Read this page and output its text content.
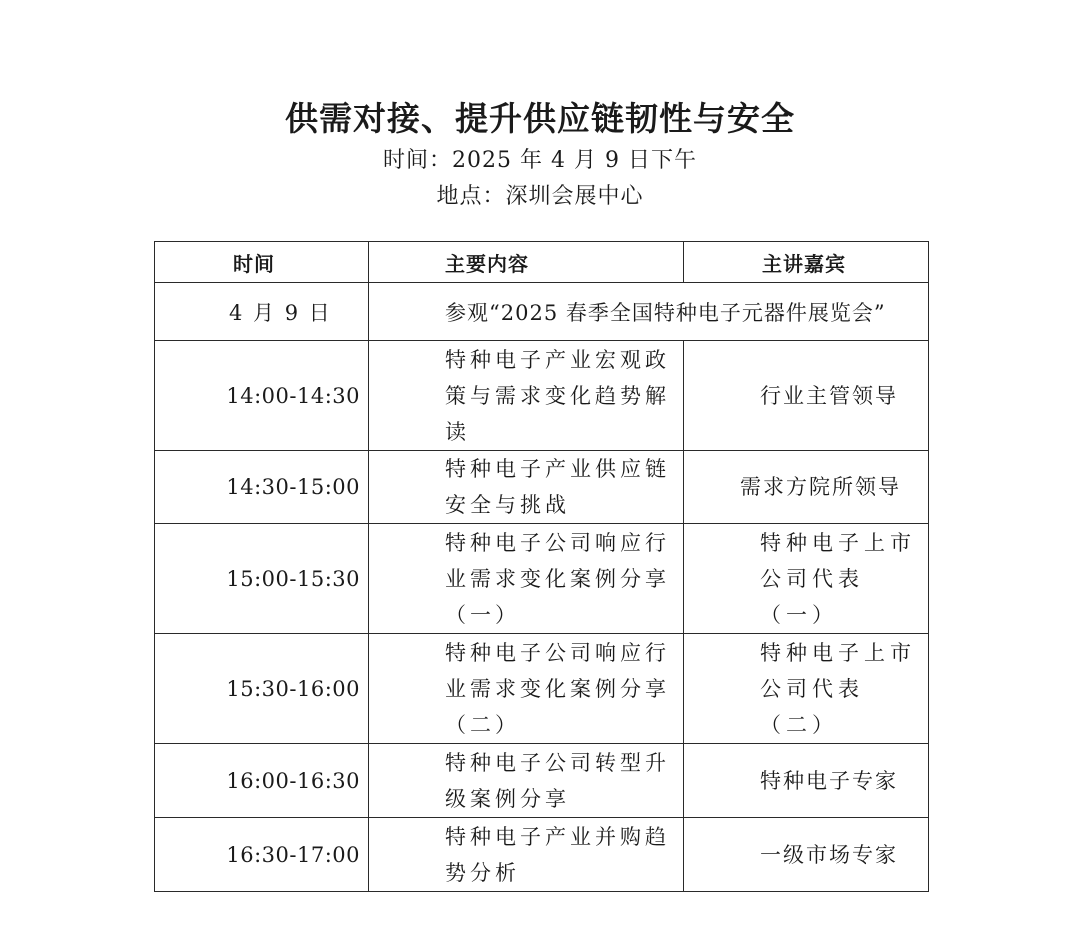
供需对接、提升供应链韧性与安全
时间：2025 年 4 月 9 日下午
地点：深圳会展中心
时间	主要内容	主讲嘉宾
4 月 9 日	参观“2025 春季全国特种电子元器件展览会”	
14:00-14:30	特种电子产业宏观政
策与需求变化趋势解
读	行业主管领导

14:30-15:00	特种电子产业供应链
安全与挑战	需求方院所领导

15:00-15:30	特种电子公司响应行
业需求变化案例分享
（一）	特种电子上市
公司代表（一）

15:30-16:00	特种电子公司响应行
业需求变化案例分享
（二）	特种电子上市
公司代表（二）

16:00-16:30	特种电子公司转型升
级案例分享	特种电子专家

16:30-17:00	特种电子产业并购趋
势分析	一级市场专家
